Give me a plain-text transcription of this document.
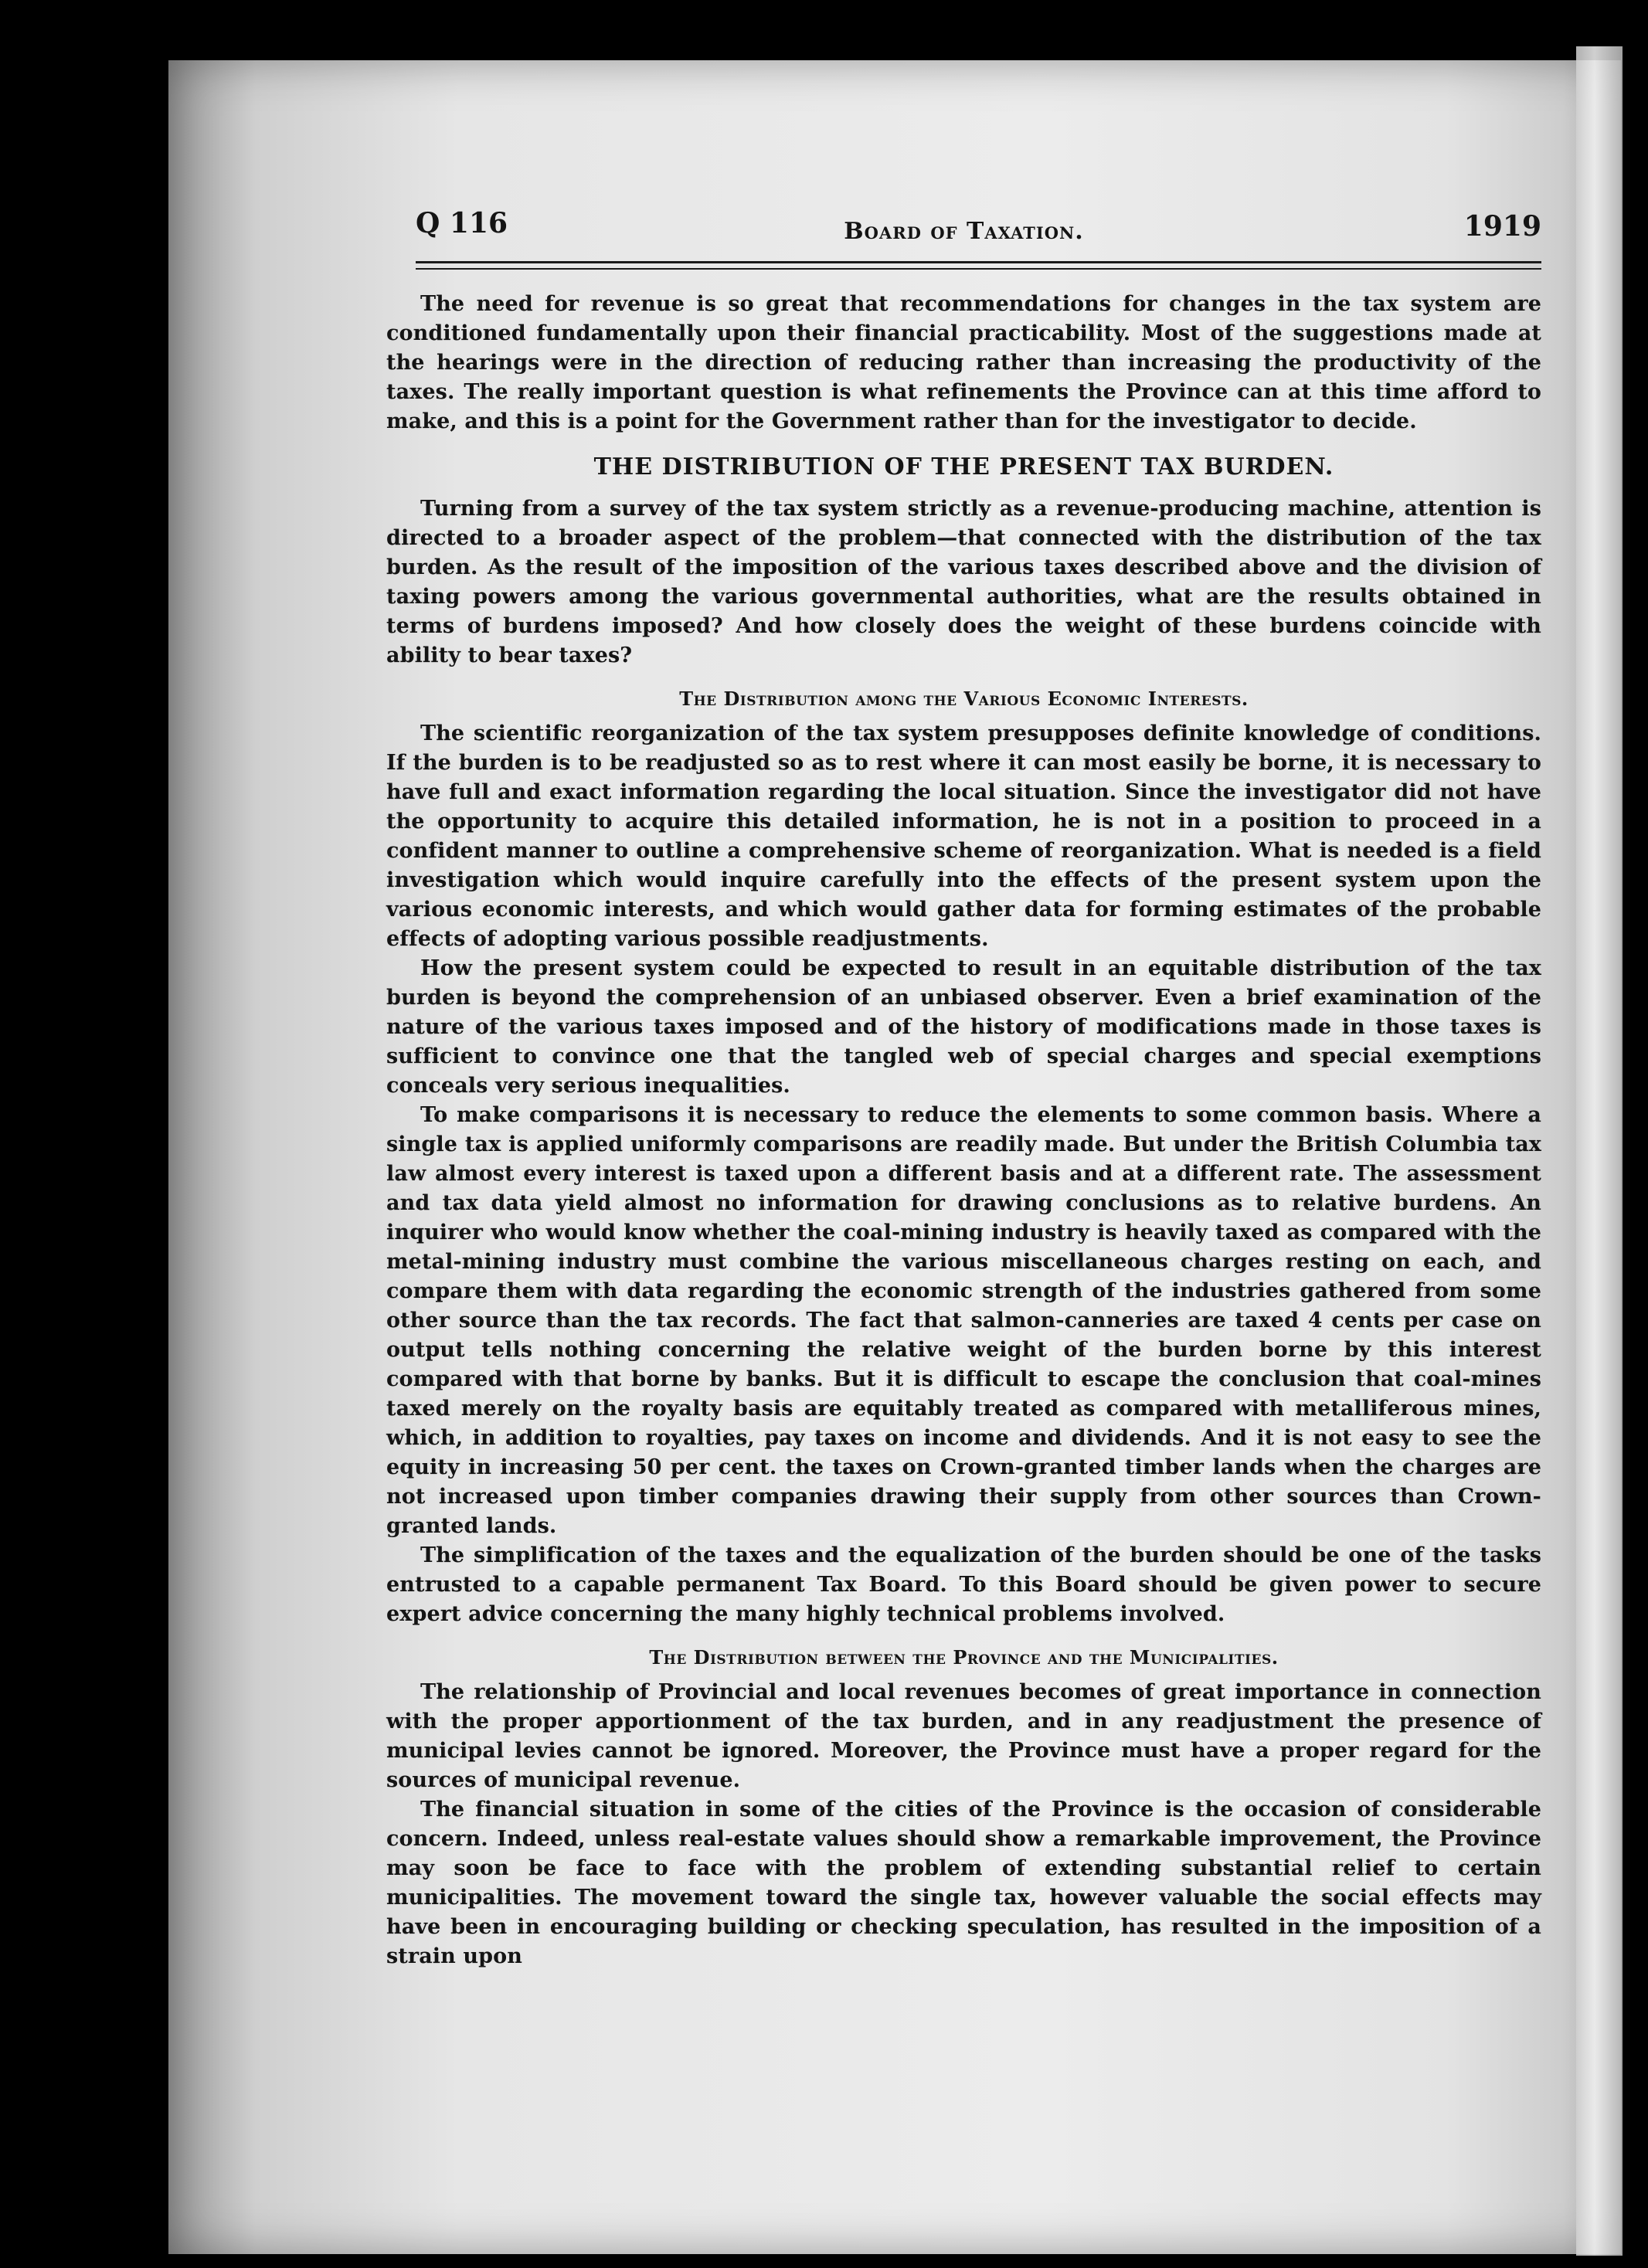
Q 116	Board of Taxation.	1919

The need for revenue is so great that recommendations for changes in the tax system are conditioned fundamentally upon their financial practicability. Most of the suggestions made at the hearings were in the direction of reducing rather than increasing the productivity of the taxes. The really important question is what refinements the Province can at this time afford to make, and this is a point for the Government rather than for the investigator to decide.

THE DISTRIBUTION OF THE PRESENT TAX BURDEN.

Turning from a survey of the tax system strictly as a revenue-producing machine, attention is directed to a broader aspect of the problem—that connected with the distribution of the tax burden. As the result of the imposition of the various taxes described above and the division of taxing powers among the various governmental authorities, what are the results obtained in terms of burdens imposed? And how closely does the weight of these burdens coincide with ability to bear taxes?

The Distribution among the Various Economic Interests.

The scientific reorganization of the tax system presupposes definite knowledge of conditions. If the burden is to be readjusted so as to rest where it can most easily be borne, it is necessary to have full and exact information regarding the local situation. Since the investigator did not have the opportunity to acquire this detailed information, he is not in a position to proceed in a confident manner to outline a comprehensive scheme of reorganization. What is needed is a field investigation which would inquire carefully into the effects of the present system upon the various economic interests, and which would gather data for forming estimates of the probable effects of adopting various possible readjustments.

How the present system could be expected to result in an equitable distribution of the tax burden is beyond the comprehension of an unbiased observer. Even a brief examination of the nature of the various taxes imposed and of the history of modifications made in those taxes is sufficient to convince one that the tangled web of special charges and special exemptions conceals very serious inequalities.

To make comparisons it is necessary to reduce the elements to some common basis. Where a single tax is applied uniformly comparisons are readily made. But under the British Columbia tax law almost every interest is taxed upon a different basis and at a different rate. The assessment and tax data yield almost no information for drawing conclusions as to relative burdens. An inquirer who would know whether the coal-mining industry is heavily taxed as compared with the metal-mining industry must combine the various miscellaneous charges resting on each, and compare them with data regarding the economic strength of the industries gathered from some other source than the tax records. The fact that salmon-canneries are taxed 4 cents per case on output tells nothing concerning the relative weight of the burden borne by this interest compared with that borne by banks. But it is difficult to escape the conclusion that coal-mines taxed merely on the royalty basis are equitably treated as compared with metalliferous mines, which, in addition to royalties, pay taxes on income and dividends. And it is not easy to see the equity in increasing 50 per cent. the taxes on Crown-granted timber lands when the charges are not increased upon timber companies drawing their supply from other sources than Crown-granted lands.

The simplification of the taxes and the equalization of the burden should be one of the tasks entrusted to a capable permanent Tax Board. To this Board should be given power to secure expert advice concerning the many highly technical problems involved.

The Distribution between the Province and the Municipalities.

The relationship of Provincial and local revenues becomes of great importance in connection with the proper apportionment of the tax burden, and in any readjustment the presence of municipal levies cannot be ignored. Moreover, the Province must have a proper regard for the sources of municipal revenue.

The financial situation in some of the cities of the Province is the occasion of considerable concern. Indeed, unless real-estate values should show a remarkable improvement, the Province may soon be face to face with the problem of extending substantial relief to certain municipalities. The movement toward the single tax, however valuable the social effects may have been in encouraging building or checking speculation, has resulted in the imposition of a strain upon
